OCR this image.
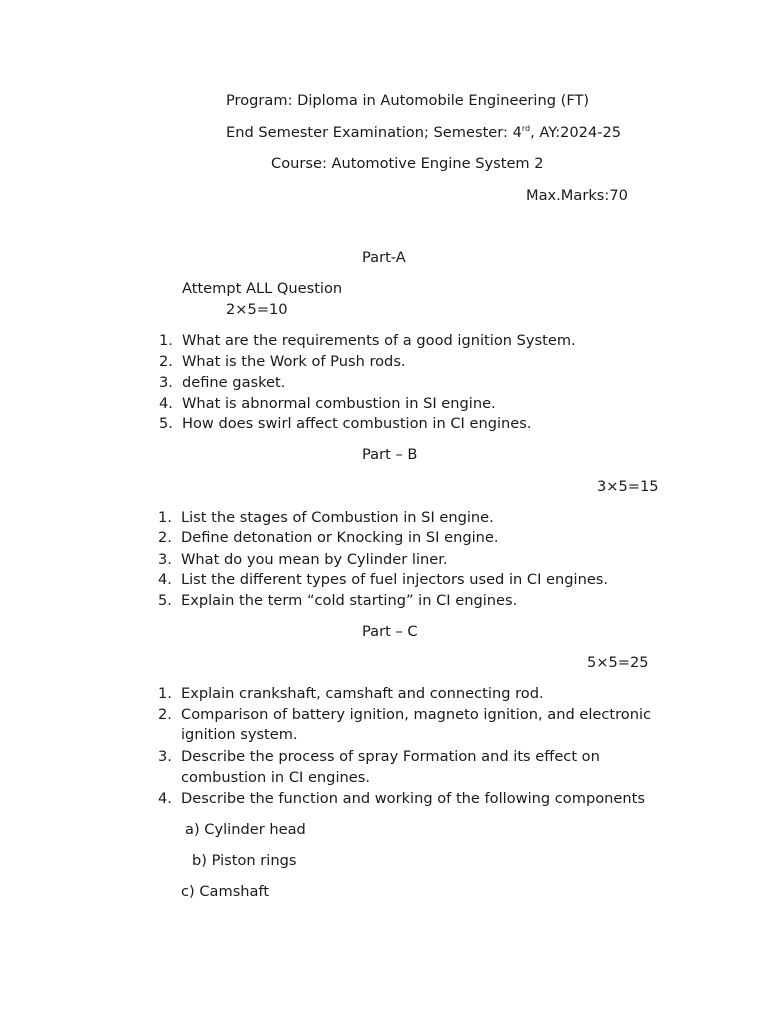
Program: Diploma in Automobile Engineering (FT)
End Semester Examination; Semester: 4rd, AY:2024-25
Course: Automotive Engine System 2
Max.Marks:70
Part-A
Attempt ALL Question
2×5=10
1. What are the requirements of a good ignition System.
2. What is the Work of Push rods.
3. define gasket.
4. What is abnormal combustion in SI engine.
5. How does swirl affect combustion in CI engines.
Part – B
3×5=15
1. List the stages of Combustion in SI engine.
2. Define detonation or Knocking in SI engine.
3. What do you mean by Cylinder liner.
4. List the different types of fuel injectors used in CI engines.
5. Explain the term “cold starting” in CI engines.
Part – C
5×5=25
1. Explain crankshaft, camshaft and connecting rod.
2. Comparison of battery ignition, magneto ignition, and electronic
ignition system.
3. Describe the process of spray Formation and its effect on
combustion in CI engines.
4. Describe the function and working of the following components
a) Cylinder head
b) Piston rings
c) Camshaft
